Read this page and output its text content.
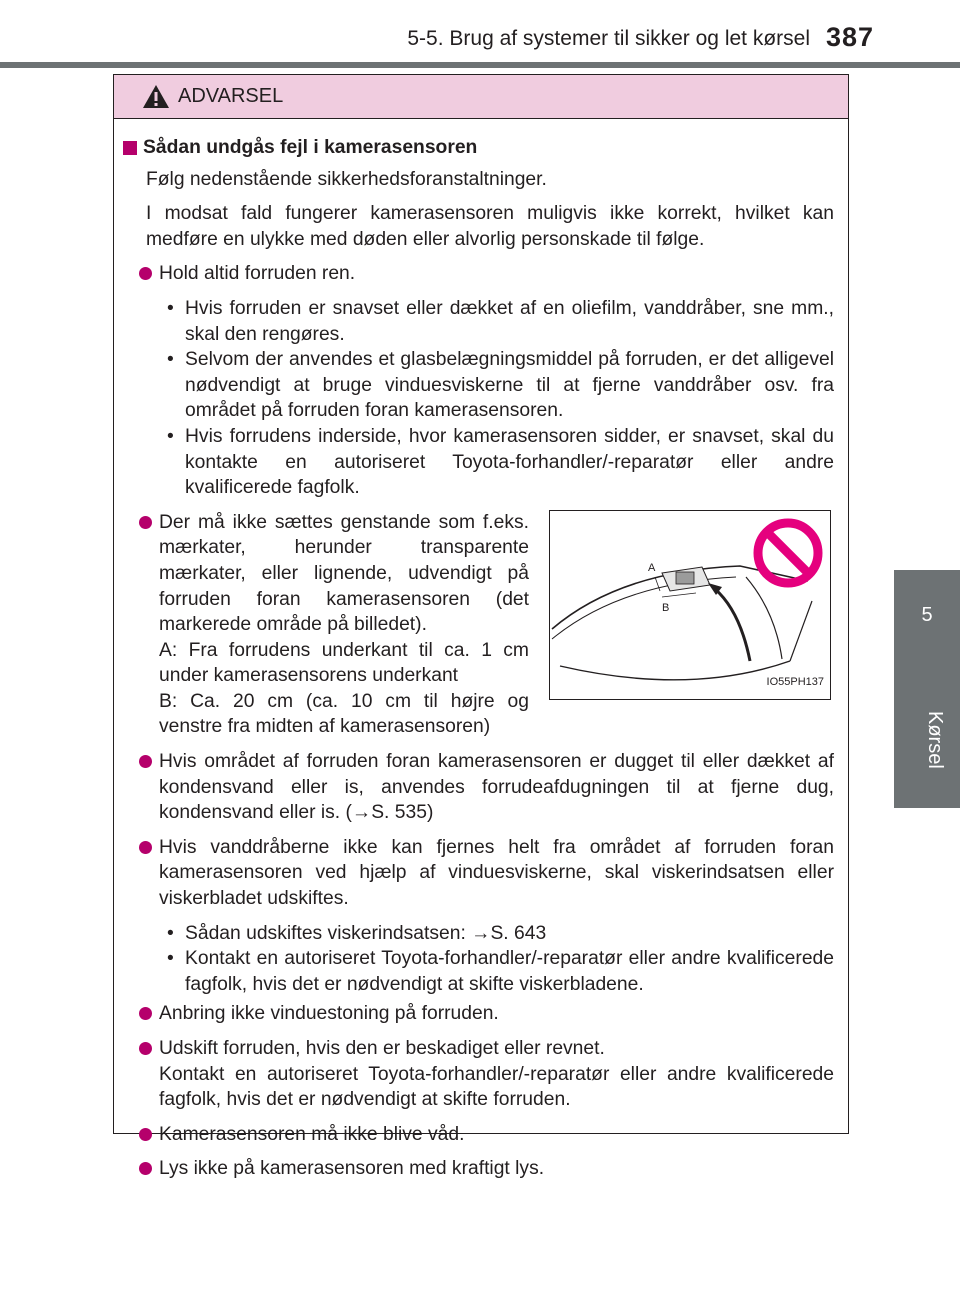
5-5. Brug af systemer til sikker og let kørsel 387
5
Kørsel
ADVARSEL
Sådan undgås fejl i kamerasensoren

Følg nedenstående sikkerhedsforanstaltninger.

I modsat fald fungerer kamerasensoren muligvis ikke korrekt, hvilket kan medføre en ulykke med døden eller alvorlig personskade til følge.

Hold altid forruden ren.
• Hvis forruden er snavset eller dækket af en oliefilm, vanddråber, sne mm., skal den rengøres.
• Selvom der anvendes et glasbelægningsmiddel på forruden, er det alligevel nødvendigt at bruge vinduesviskerne til at fjerne vanddråber osv. fra området på forruden foran kamerasensoren.
• Hvis forrudens inderside, hvor kamerasensoren sidder, er snavset, skal du kontakte en autoriseret Toyota-forhandler/-reparatør eller andre kvalificerede fagfolk.

Der må ikke sættes genstande som f.eks. mærkater, herunder transparente mærkater, eller lignende, udvendigt på forruden foran kamerasensoren (det markerede område på billedet).

A: Fra forrudens underkant til ca. 1 cm under kamerasensorens underkant

B: Ca. 20 cm (ca. 10 cm til højre og venstre fra midten af kamerasensoren)

A
B
IO55PH137
Hvis området af forruden foran kamerasensoren er dugget til eller dækket af kondensvand eller is, anvendes forrudeafdugningen til at fjerne dug, kondensvand eller is. (→S. 535)
Hvis vanddråberne ikke kan fjernes helt fra området af forruden foran kamerasensoren ved hjælp af vinduesviskerne, skal viskerindsatsen eller viskerbladet udskiftes.
• Sådan udskiftes viskerindsatsen: →S. 643
• Kontakt en autoriseret Toyota-forhandler/-reparatør eller andre kvalificerede fagfolk, hvis det er nødvendigt at skifte viskerbladene.
Anbring ikke vinduestoning på forruden.

Udskift forruden, hvis den er beskadiget eller revnet.

Kontakt en autoriseret Toyota-forhandler/-reparatør eller andre kvalificerede fagfolk, hvis det er nødvendigt at skifte forruden.

Kamerasensoren må ikke blive våd.
Lys ikke på kamerasensoren med kraftigt lys.
